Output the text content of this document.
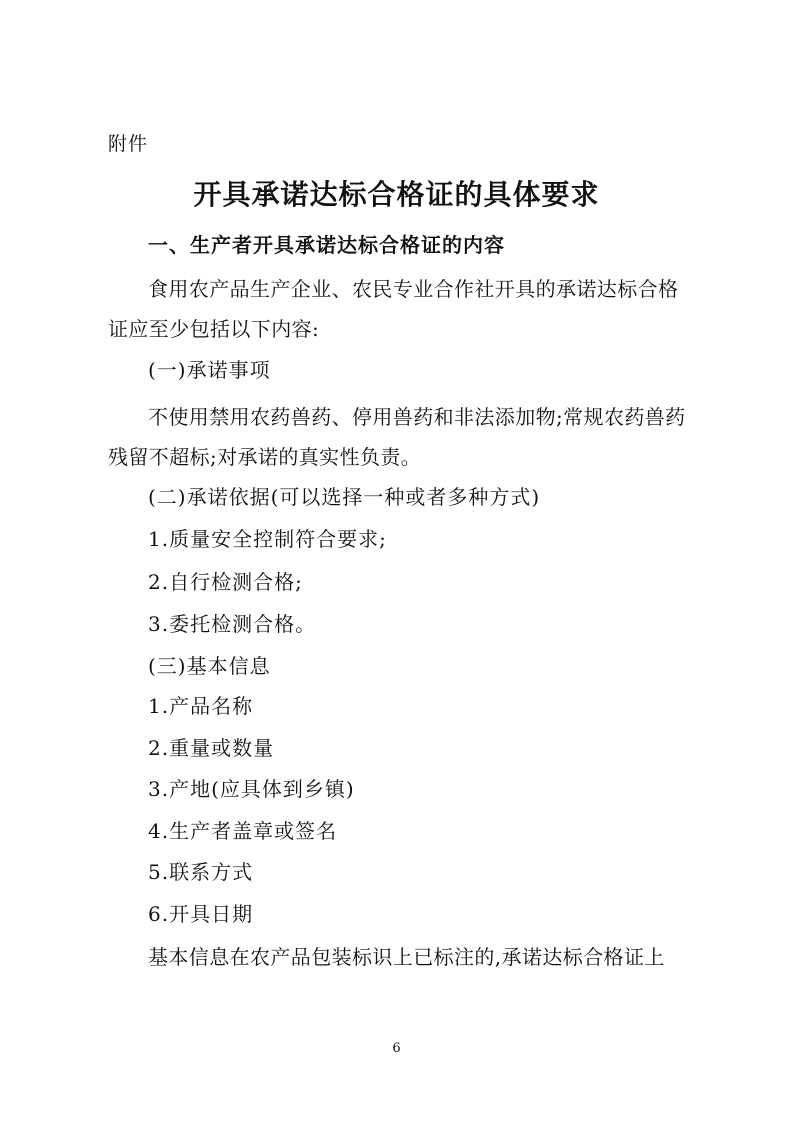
附件
开具承诺达标合格证的具体要求
一、生产者开具承诺达标合格证的内容
食用农产品生产企业、农民专业合作社开具的承诺达标合格证应至少包括以下内容:
(一)承诺事项
不使用禁用农药兽药、停用兽药和非法添加物;常规农药兽药残留不超标;对承诺的真实性负责。
(二)承诺依据(可以选择一种或者多种方式)
1.质量安全控制符合要求;
2.自行检测合格;
3.委托检测合格。
(三)基本信息
1.产品名称
2.重量或数量
3.产地(应具体到乡镇)
4.生产者盖章或签名
5.联系方式
6.开具日期
基本信息在农产品包装标识上已标注的,承诺达标合格证上
6
